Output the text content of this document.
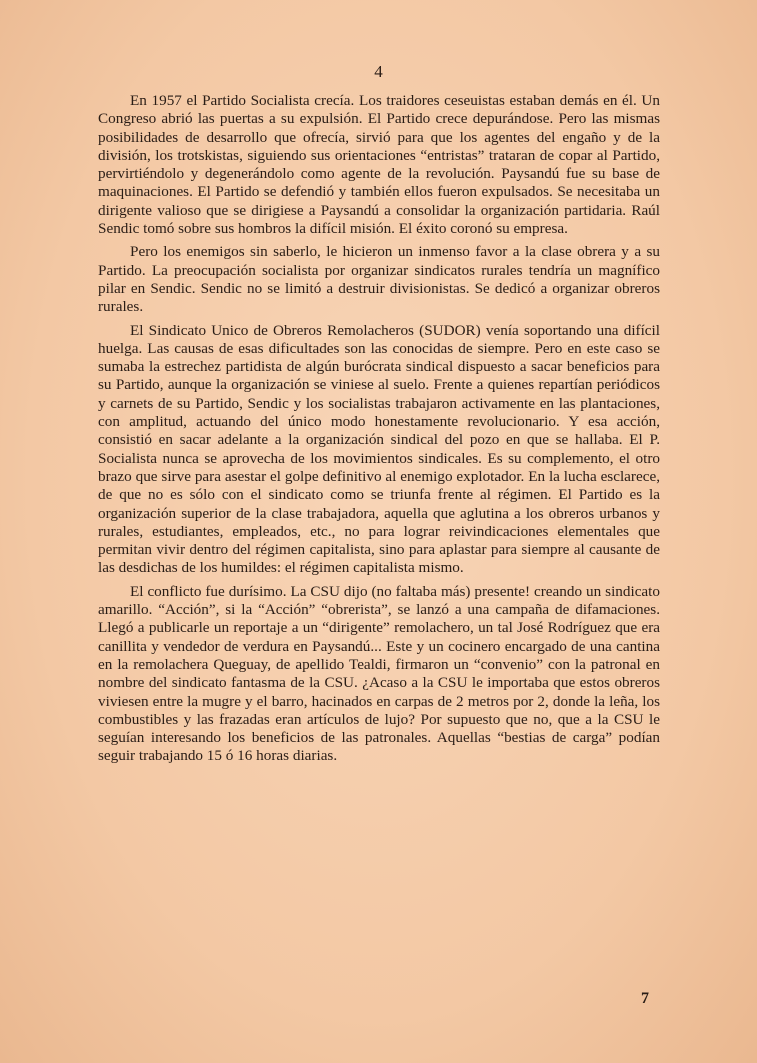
4

En 1957 el Partido Socialista crecía. Los traidores ceseuistas estaban demás en él. Un Congreso abrió las puertas a su expulsión. El Partido crece depurándose. Pero las mismas posibilidades de desarrollo que ofrecía, sirvió para que los agentes del engaño y de la división, los trotskistas, siguiendo sus orientaciones “entristas” trataran de copar al Partido, pervirtiéndolo y degenerándolo como agente de la revolución. Paysandú fue su base de maquinaciones. El Partido se defendió y también ellos fueron expulsados. Se necesitaba un dirigente valioso que se dirigiese a Paysandú a consolidar la organización partidaria. Raúl Sendic tomó sobre sus hombros la difícil misión. El éxito coronó su empresa.

Pero los enemigos sin saberlo, le hicieron un inmenso favor a la clase obrera y a su Partido. La preocupación socialista por organizar sindicatos rurales tendría un magnífico pilar en Sendic. Sendic no se limitó a destruir divisionistas. Se dedicó a organizar obreros rurales.

El Sindicato Unico de Obreros Remolacheros (SUDOR) venía soportando una difícil huelga. Las causas de esas dificultades son las conocidas de siempre. Pero en este caso se sumaba la estrechez partidista de algún burócrata sindical dispuesto a sacar beneficios para su Partido, aunque la organización se viniese al suelo. Frente a quienes repartían periódicos y carnets de su Partido, Sendic y los socialistas trabajaron activamente en las plantaciones, con amplitud, actuando del único modo honestamente revolucionario. Y esa acción, consistió en sacar adelante a la organización sindical del pozo en que se hallaba. El P. Socialista nunca se aprovecha de los movimientos sindicales. Es su complemento, el otro brazo que sirve para asestar el golpe definitivo al enemigo explotador. En la lucha esclarece, de que no es sólo con el sindicato como se triunfa frente al régimen. El Partido es la organización superior de la clase trabajadora, aquella que aglutina a los obreros urbanos y rurales, estudiantes, empleados, etc., no para lograr reivindicaciones elementales que permitan vivir dentro del régimen capitalista, sino para aplastar para siempre al causante de las desdichas de los humildes: el régimen capitalista mismo.

El conflicto fue durísimo. La CSU dijo (no faltaba más) presente! creando un sindicato amarillo. “Acción”, si la “Acción” “obrerista”, se lanzó a una campaña de difamaciones. Llegó a publicarle un reportaje a un “dirigente” remolachero, un tal José Rodríguez que era canillita y vendedor de verdura en Paysandú... Este y un cocinero encargado de una cantina en la remolachera Queguay, de apellido Tealdi, firmaron un “convenio” con la patronal en nombre del sindicato fantasma de la CSU. ¿Acaso a la CSU le importaba que estos obreros viviesen entre la mugre y el barro, hacinados en carpas de 2 metros por 2, donde la leña, los combustibles y las frazadas eran artículos de lujo? Por supuesto que no, que a la CSU le seguían interesando los beneficios de las patronales. Aquellas “bestias de carga” podían seguir trabajando 15 ó 16 horas diarias.

7
